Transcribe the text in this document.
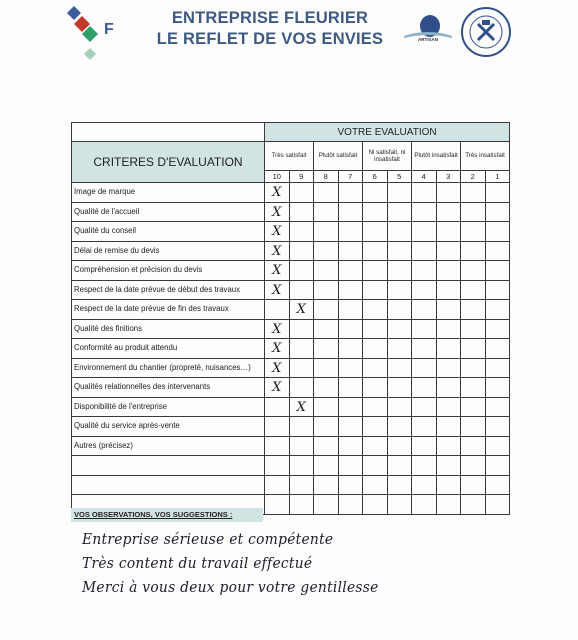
F
ENTREPRISE FLEURIER
LE REFLET DE VOS ENVIES	ARTISAN
	VOTRE EVALUATION									
CRITERES D'EVALUATION	Très satisfait		Plutôt satisfait		Ni satisfait, ni insatisfait		Plutôt insatisfait		Très insatisfait	
	10	9	8	7	6	5	4	3	2	1
Image de marque	X									
Qualité de l'accueil	X									
Qualité du conseil	X									
Délai de remise du devis	X									
Compréhension et précision du devis	X									
Respect de la date prévue de début des travaux	X									
Respect de la date prévue de fin des travaux		X								
Qualité des finitions	X									
Conformité au produit attendu	X									
Environnement du chantier (propreté, nuisances…)	X									
Qualités relationnelles des intervenants	X									
Disponibilité de l'entreprise		X								
Qualité du service après-vente										
Autres (précisez)										

VOS OBSERVATIONS, VOS SUGGESTIONS :
Entreprise sérieuse et compétente
Très content du travail effectué
Merci à vous deux pour votre gentillesse
